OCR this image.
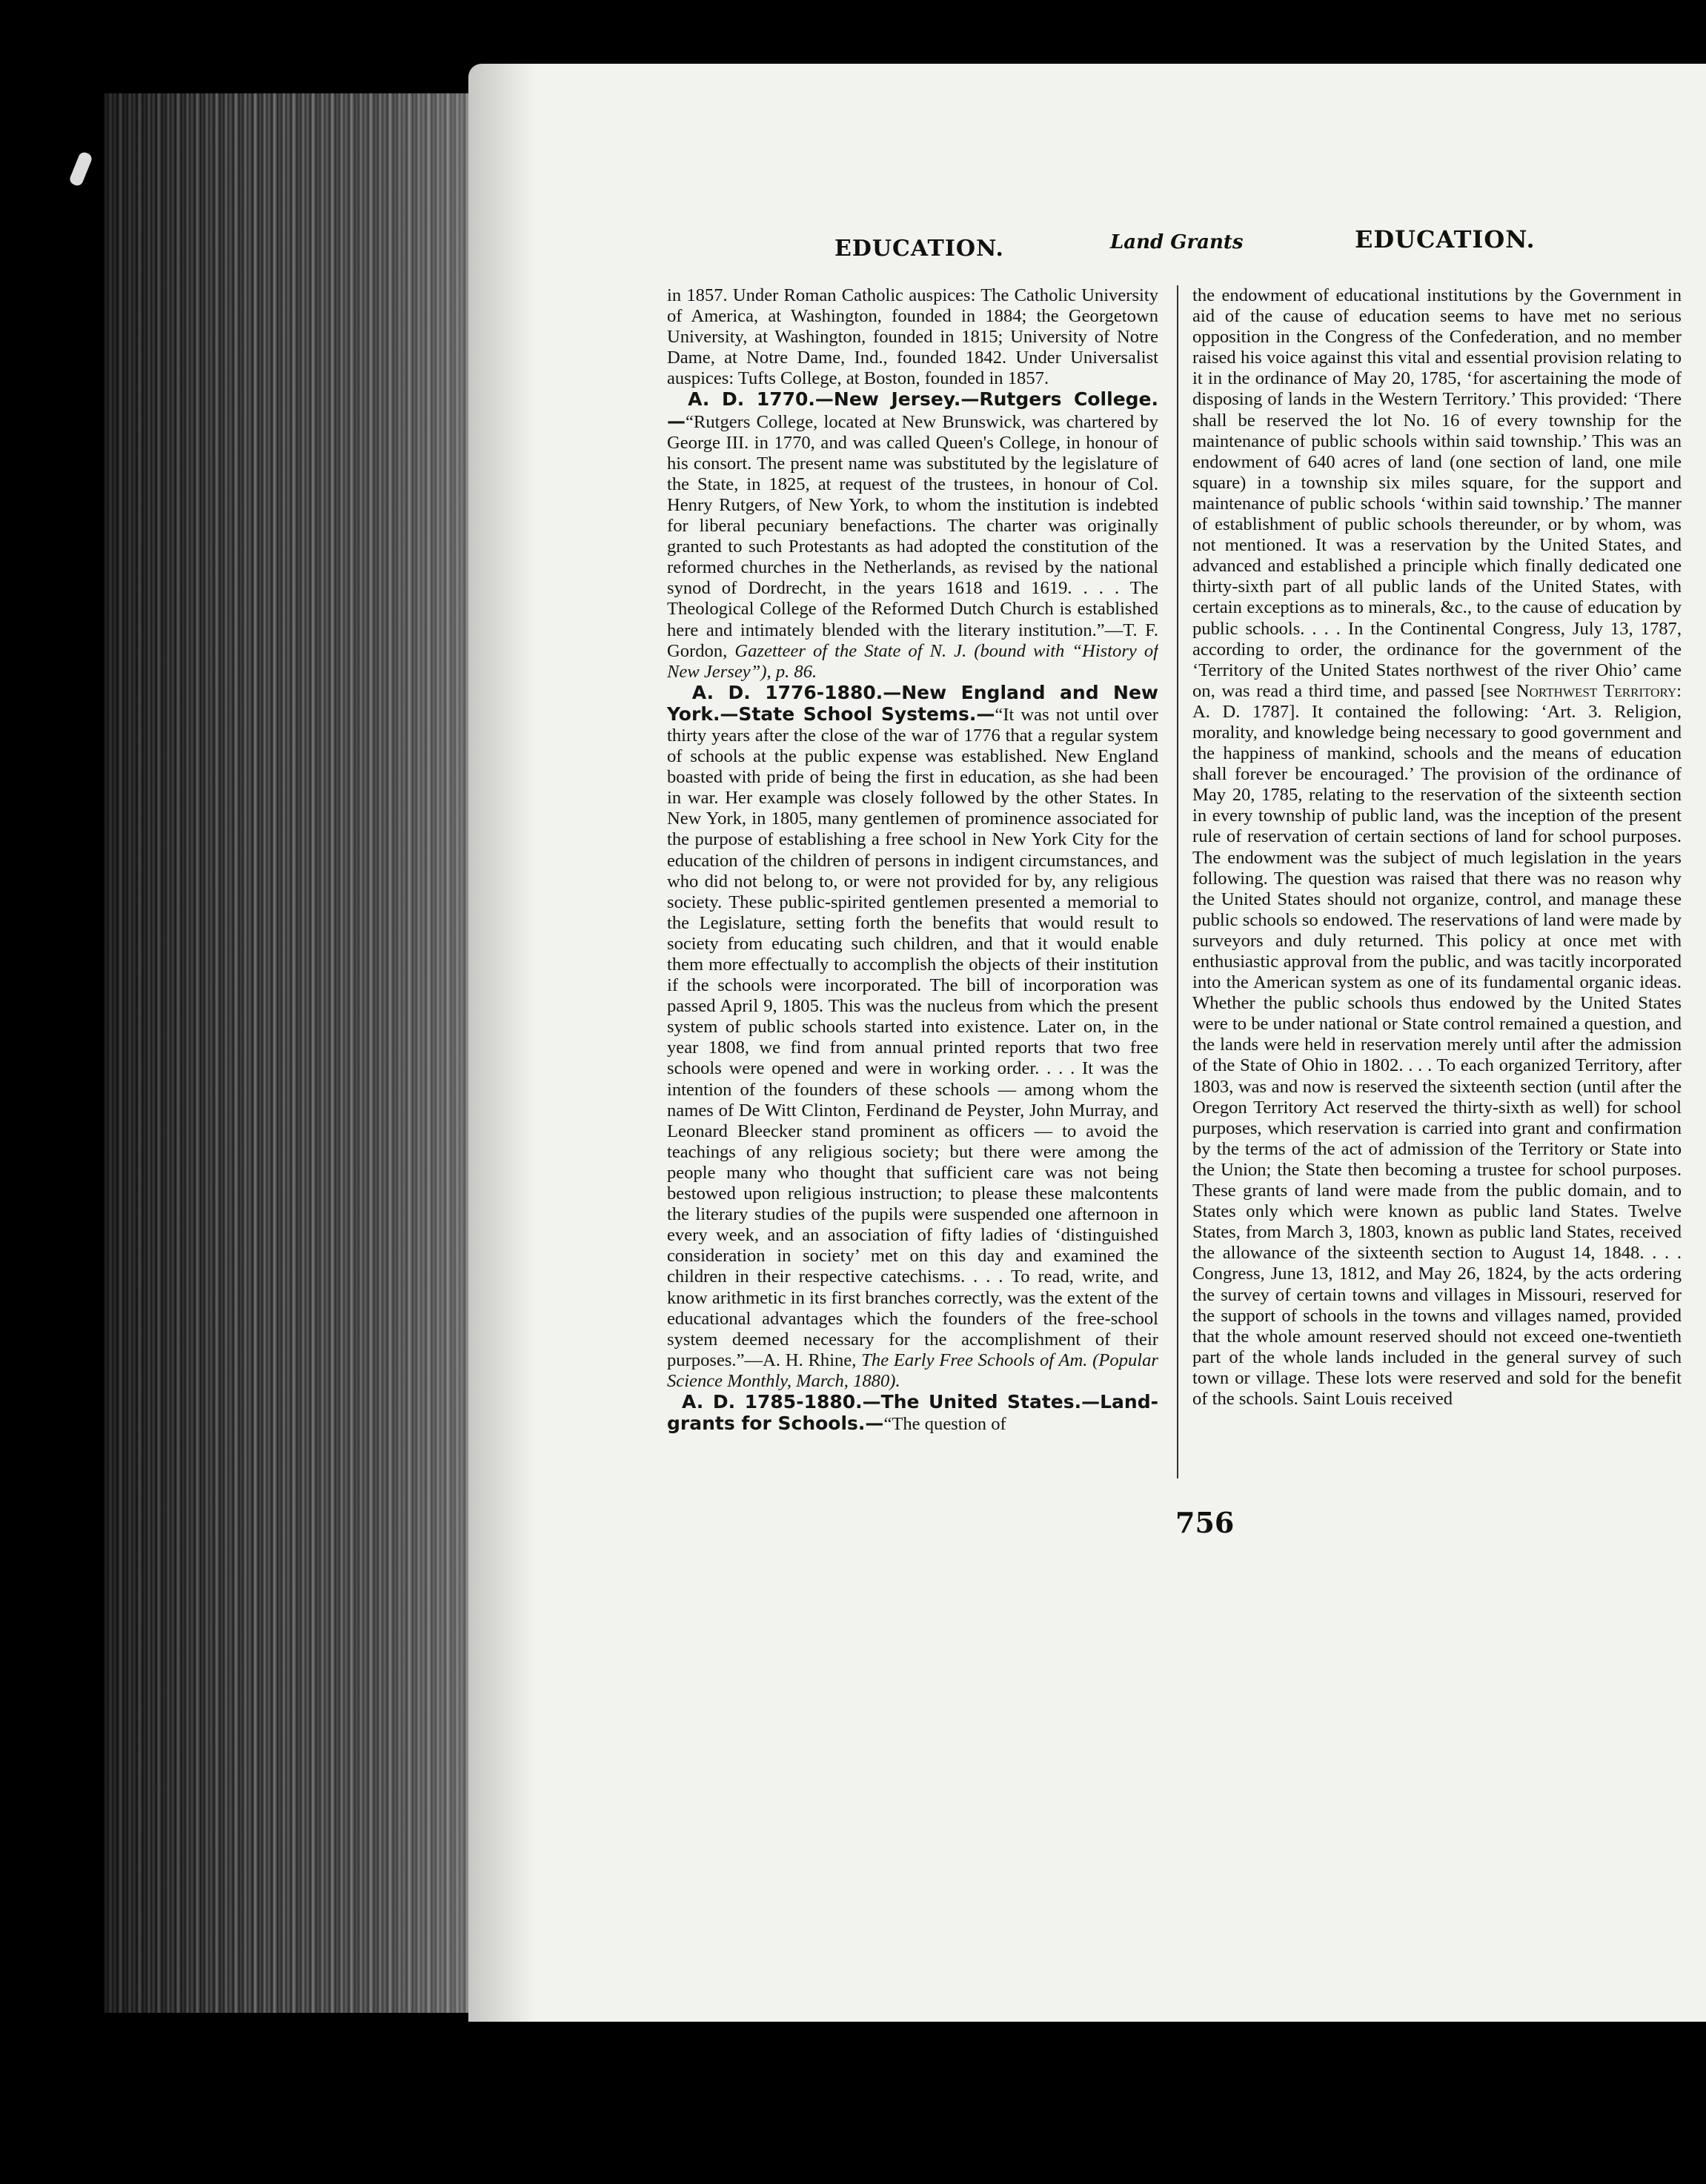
EDUCATION.	Land Grants	EDUCATION.

in 1857. Under Roman Catholic auspices: The Catholic University of America, at Washington, founded in 1884; the Georgetown University, at Washington, founded in 1815; University of Notre Dame, at Notre Dame, Ind., founded 1842. Under Universalist auspices: Tufts College, at Boston, founded in 1857.

A. D. 1770.—New Jersey.—Rutgers College.—“Rutgers College, located at New Brunswick, was chartered by George III. in 1770, and was called Queen's College, in honour of his consort. The present name was substituted by the legislature of the State, in 1825, at request of the trustees, in honour of Col. Henry Rutgers, of New York, to whom the institution is indebted for liberal pecuniary benefactions. The charter was originally granted to such Protestants as had adopted the constitution of the reformed churches in the Netherlands, as revised by the national synod of Dordrecht, in the years 1618 and 1619. . . . The Theological College of the Reformed Dutch Church is established here and intimately blended with the literary institution.”—T. F. Gordon, Gazetteer of the State of N. J. (bound with “History of New Jersey”), p. 86.

A. D. 1776-1880.—New England and New York.—State School Systems.—“It was not until over thirty years after the close of the war of 1776 that a regular system of schools at the public expense was established. New England boasted with pride of being the first in education, as she had been in war. Her example was closely followed by the other States. In New York, in 1805, many gentlemen of prominence associated for the purpose of establishing a free school in New York City for the education of the children of persons in indigent circumstances, and who did not belong to, or were not provided for by, any religious society. These public-spirited gentlemen presented a memorial to the Legislature, setting forth the benefits that would result to society from educating such children, and that it would enable them more effectually to accomplish the objects of their institution if the schools were incorporated. The bill of incorporation was passed April 9, 1805. This was the nucleus from which the present system of public schools started into existence. Later on, in the year 1808, we find from annual printed reports that two free schools were opened and were in working order. . . . It was the intention of the founders of these schools — among whom the names of De Witt Clinton, Ferdinand de Peyster, John Murray, and Leonard Bleecker stand prominent as officers — to avoid the teachings of any religious society; but there were among the people many who thought that sufficient care was not being bestowed upon religious instruction; to please these malcontents the literary studies of the pupils were suspended one afternoon in every week, and an association of fifty ladies of ‘distinguished consideration in society’ met on this day and examined the children in their respective catechisms. . . . To read, write, and know arithmetic in its first branches correctly, was the extent of the educational advantages which the founders of the free-school system deemed necessary for the accomplishment of their purposes.”—A. H. Rhine, The Early Free Schools of Am. (Popular Science Monthly, March, 1880).

A. D. 1785-1880.—The United States.—Land-grants for Schools.—“The question of

the endowment of educational institutions by the Government in aid of the cause of education seems to have met no serious opposition in the Congress of the Confederation, and no member raised his voice against this vital and essential provision relating to it in the ordinance of May 20, 1785, ‘for ascertaining the mode of disposing of lands in the Western Territory.’ This provided: ‘There shall be reserved the lot No. 16 of every township for the maintenance of public schools within said township.’ This was an endowment of 640 acres of land (one section of land, one mile square) in a township six miles square, for the support and maintenance of public schools ‘within said township.’ The manner of establishment of public schools thereunder, or by whom, was not mentioned. It was a reservation by the United States, and advanced and established a principle which finally dedicated one thirty-sixth part of all public lands of the United States, with certain exceptions as to minerals, &c., to the cause of education by public schools. . . . In the Continental Congress, July 13, 1787, according to order, the ordinance for the government of the ‘Territory of the United States northwest of the river Ohio’ came on, was read a third time, and passed [see Northwest Territory: A. D. 1787]. It contained the following: ‘Art. 3. Religion, morality, and knowledge being necessary to good government and the happiness of mankind, schools and the means of education shall forever be encouraged.’ The provision of the ordinance of May 20, 1785, relating to the reservation of the sixteenth section in every township of public land, was the inception of the present rule of reservation of certain sections of land for school purposes. The endowment was the subject of much legislation in the years following. The question was raised that there was no reason why the United States should not organize, control, and manage these public schools so endowed. The reservations of land were made by surveyors and duly returned. This policy at once met with enthusiastic approval from the public, and was tacitly incorporated into the American system as one of its fundamental organic ideas. Whether the public schools thus endowed by the United States were to be under national or State control remained a question, and the lands were held in reservation merely until after the admission of the State of Ohio in 1802. . . . To each organized Territory, after 1803, was and now is reserved the sixteenth section (until after the Oregon Territory Act reserved the thirty-sixth as well) for school purposes, which reservation is carried into grant and confirmation by the terms of the act of admission of the Territory or State into the Union; the State then becoming a trustee for school purposes. These grants of land were made from the public domain, and to States only which were known as public land States. Twelve States, from March 3, 1803, known as public land States, received the allowance of the sixteenth section to August 14, 1848. . . . Congress, June 13, 1812, and May 26, 1824, by the acts ordering the survey of certain towns and villages in Missouri, reserved for the support of schools in the towns and villages named, provided that the whole amount reserved should not exceed one-twentieth part of the whole lands included in the general survey of such town or village. These lots were reserved and sold for the benefit of the schools. Saint Louis received

756
